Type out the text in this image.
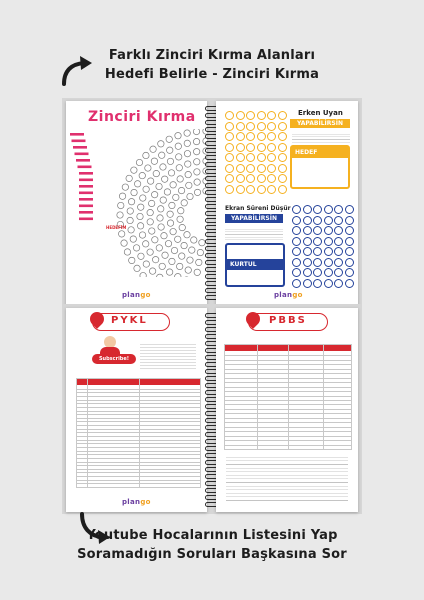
Farklı Zinciri Kırma Alanları
Hedefi Belirle - Zinciri Kırma
Zinciri Kırma
HEDEFİM
plango
Erken Uyan
YAPABİLİRSİN
HEDEF
Ekran Süreni Düşür
YAPABİLİRSİN
KURTUL
plango
PYKL
Subscribe!
plango
PBBS
Youtube Hocalarının Listesini Yap
Soramadığın Soruları Başkasına Sor
